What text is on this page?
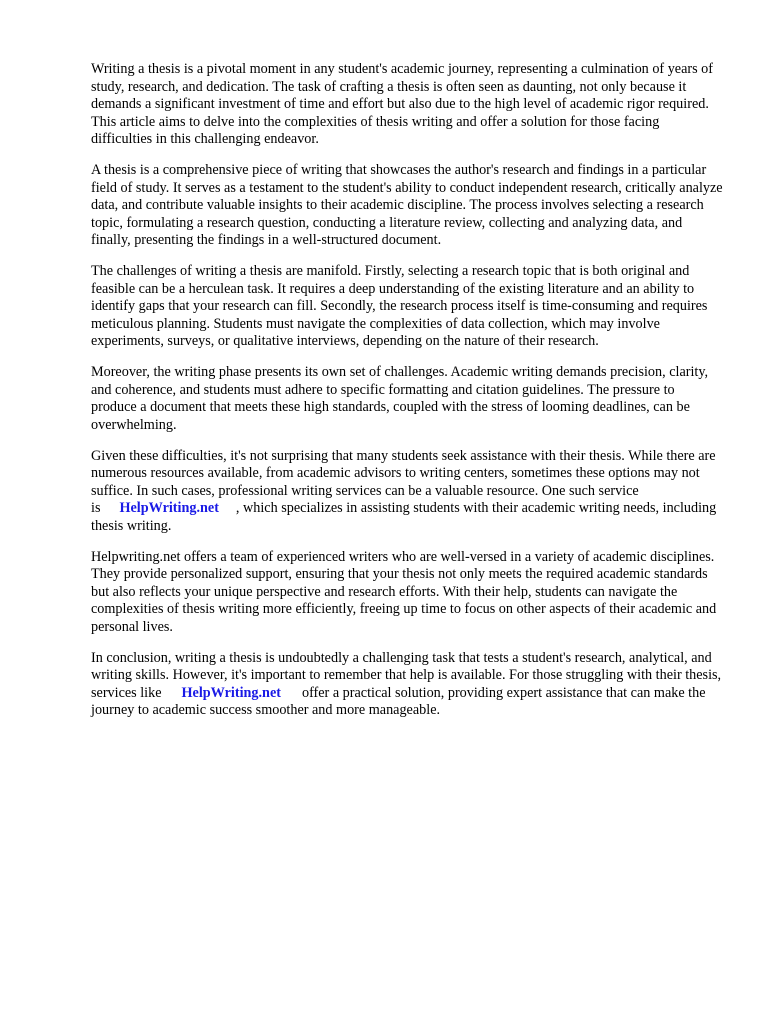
Writing a thesis is a pivotal moment in any student's academic journey, representing a culmination of years of study, research, and dedication. The task of crafting a thesis is often seen as daunting, not only because it demands a significant investment of time and effort but also due to the high level of academic rigor required. This article aims to delve into the complexities of thesis writing and offer a solution for those facing difficulties in this challenging endeavor.

A thesis is a comprehensive piece of writing that showcases the author's research and findings in a particular field of study. It serves as a testament to the student's ability to conduct independent research, critically analyze data, and contribute valuable insights to their academic discipline. The process involves selecting a research topic, formulating a research question, conducting a literature review, collecting and analyzing data, and finally, presenting the findings in a well-structured document.

The challenges of writing a thesis are manifold. Firstly, selecting a research topic that is both original and feasible can be a herculean task. It requires a deep understanding of the existing literature and an ability to identify gaps that your research can fill. Secondly, the research process itself is time-consuming and requires meticulous planning. Students must navigate the complexities of data collection, which may involve experiments, surveys, or qualitative interviews, depending on the nature of their research.

Moreover, the writing phase presents its own set of challenges. Academic writing demands precision, clarity, and coherence, and students must adhere to specific formatting and citation guidelines. The pressure to produce a document that meets these high standards, coupled with the stress of looming deadlines, can be overwhelming.

Given these difficulties, it's not surprising that many students seek assistance with their thesis. While there are numerous resources available, from academic advisors to writing centers, sometimes these options may not suffice. In such cases, professional writing services can be a valuable resource. One such service is HelpWriting.net , which specializes in assisting students with their academic writing needs, including thesis writing.

Helpwriting.net offers a team of experienced writers who are well-versed in a variety of academic disciplines. They provide personalized support, ensuring that your thesis not only meets the required academic standards but also reflects your unique perspective and research efforts. With their help, students can navigate the complexities of thesis writing more efficiently, freeing up time to focus on other aspects of their academic and personal lives.

In conclusion, writing a thesis is undoubtedly a challenging task that tests a student's research, analytical, and writing skills. However, it's important to remember that help is available. For those struggling with their thesis, services like HelpWriting.net offer a practical solution, providing expert assistance that can make the journey to academic success smoother and more manageable.
